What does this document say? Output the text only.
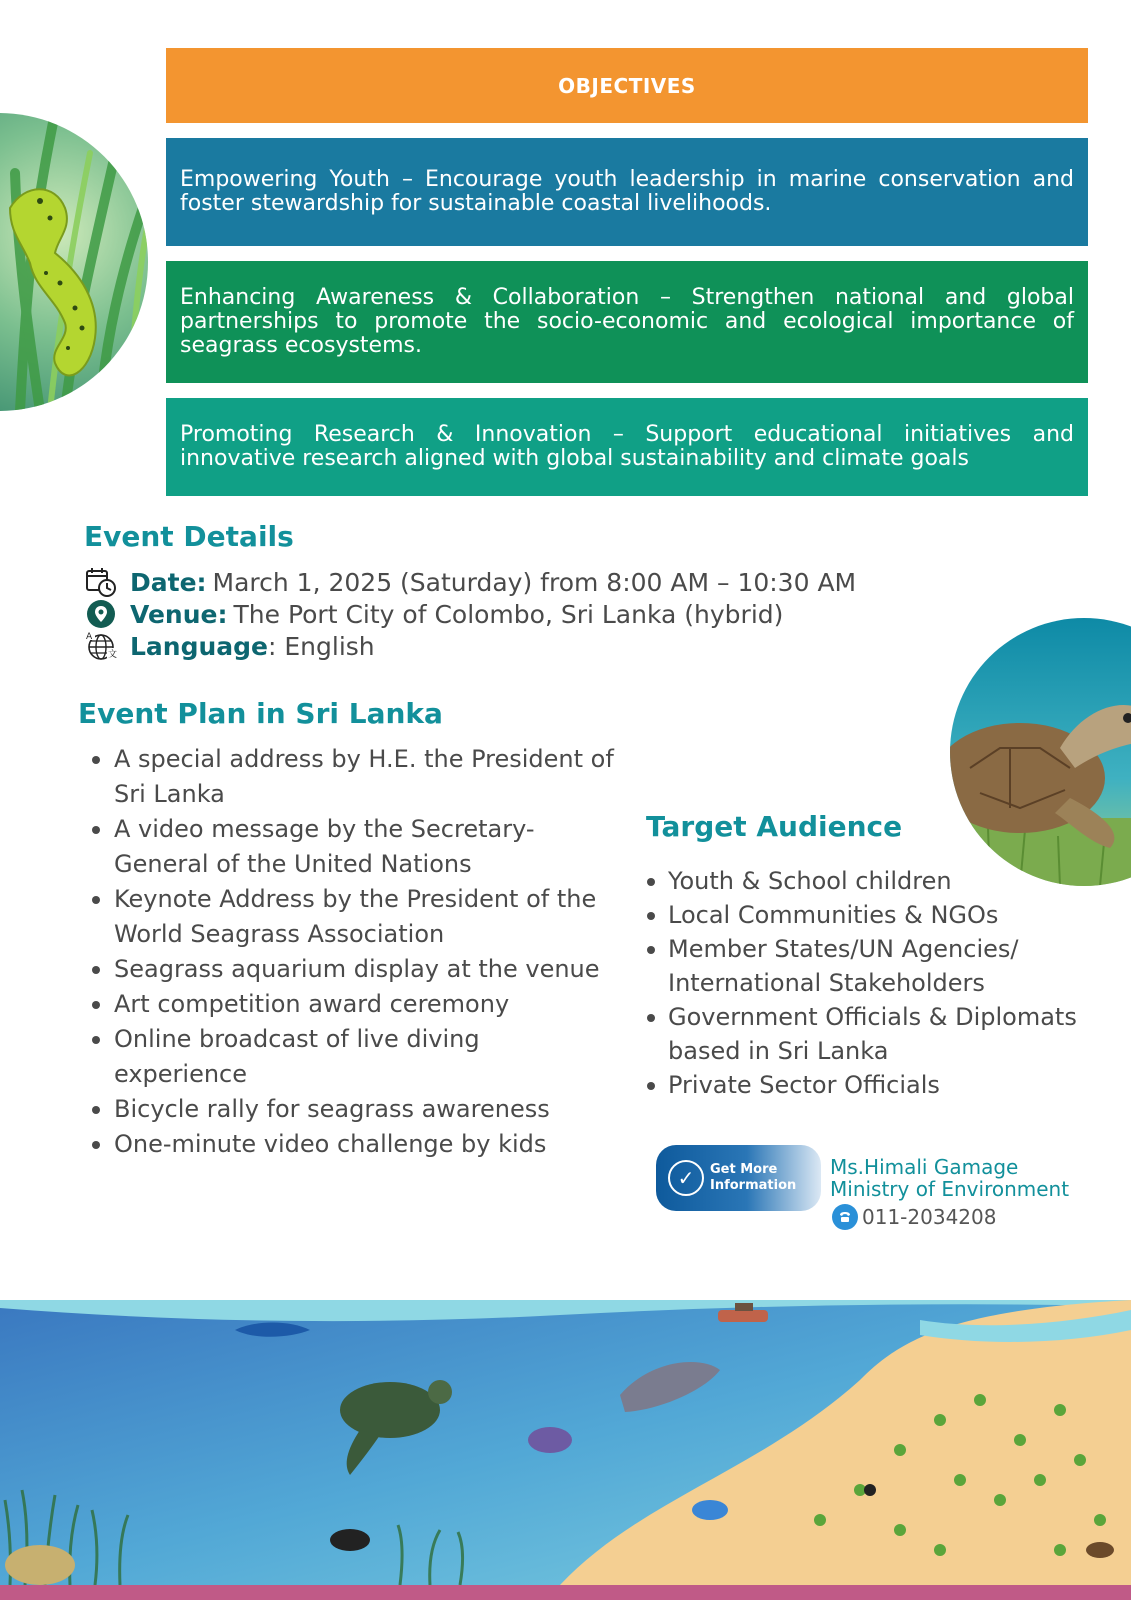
OBJECTIVES
Empowering Youth – Encourage youth leadership in marine conservation and foster stewardship for sustainable coastal livelihoods.
Enhancing Awareness & Collaboration – Strengthen national and global partnerships to promote the socio-economic and ecological importance of seagrass ecosystems.
Promoting Research & Innovation – Support educational initiatives and innovative research aligned with global sustainability and climate goals
Event Details
Date: March 1, 2025 (Saturday) from 8:00 AM – 10:30 AM
Venue: The Port City of Colombo, Sri Lanka (hybrid)
A
文 Language : English
Event Plan in Sri Lanka
A special address by H.E. the President of Sri Lanka
A video message by the Secretary-General of the United Nations
Keynote Address by the President of the World Seagrass Association
Seagrass aquarium display at the venue
Art competition award ceremony
Online broadcast of live diving experience
Bicycle rally for seagrass awareness
One-minute video challenge by kids
Target Audience
Youth & School children
Local Communities & NGOs
Member States/UN Agencies/ International Stakeholders
Government Officials & Diplomats based in Sri Lanka
Private Sector Officials
✓	Get More Information
Ms.Himali Gamage
Ministry of Environment
011-2034208
